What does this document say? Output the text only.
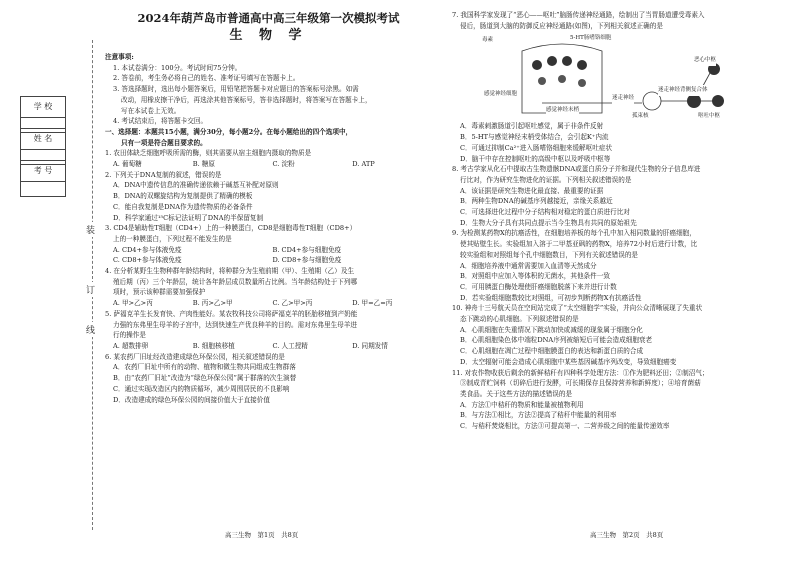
学 校
姓 名
考 号
装
订
线
2024年葫芦岛市普通高中高三年级第一次模拟考试
生 物 学
注意事项:
1. 本试卷满分：100分。考试时间75分钟。
2. 答卷前，考生务必将自己的姓名、准考证号填写在答题卡上。
3. 答选择题时，选出每小题答案后，用铅笔把答题卡对应题目的答案标号涂黑。如需
改动，用橡皮擦干净后，再选涂其他答案标号，答非选择题时，将答案写在答题卡上，
写在本试卷上无效。
4. 考试结束后，将答题卡交回。
一、选择题：本题共15小题，满分30分，每小题2分。在每小题给出的四个选项中，
只有一项是符合题目要求的。
1. 农田体缺乏细胞呼吸所需的酶，则其需要从宿主细胞内摄取的物质是
A. 葡萄糖	B. 糖原	C. 淀粉	D. ATP
2. 下列关于DNA复制的叙述，错误的是
A．DNA中遗传信息的准确传递依赖于碱基互补配对原则
B．DNA的双螺旋结构为复制提供了精确的模板
C．能自我复制是DNA作为遗传物质的必备条件
D．科学家通过¹⁵C标记法证明了DNA的半保留复制
3. CD4是辅助性T细胞（CD4+）上的一种膜蛋白，CD8是细胞毒性T细胞（CD8+）
上的一种膜蛋白，下列过程不能发生的是
A. CD4+参与体液免疫	B. CD4+参与细胞免疫
C. CD8+参与体液免疫	D. CD8+参与细胞免疫
4. 在分析某野生生物种群年龄结构时，将种群分为生殖前期（甲）、生殖期（乙）及生
殖后期（丙）三个年龄层，统计各年龄层成员数量所占比例。当年龄结构处于下列哪
项时，预示该种群需要加强保护
A. 甲>乙>丙	B. 丙>乙>甲	C. 乙>甲>丙	D. 甲=乙=丙
5. 萨福克羊生长发育快、产肉性能好。某农牧科技公司将萨福克羊的胚胎移植到产奶能
力强的东弗里生母羊的子宫中，达到快速生产优良种羊的目的。需对东弗里生母羊进
行的操作是
A. 超数排卵	B. 细胞核移植	C. 人工授精	D. 同期发情
6. 某农药厂旧址经改造建成绿色环保公园，相关叙述错误的是
A．农药厂旧址中所有的动物、植物和微生物共同组成生物群落
B．由“农药厂旧址”改造为“绿色环保公园”属于群落的次生演替
C．通过实现改造区内的物质循环，减少周围居民的不良影响
D．改造建成的绿色环保公园的间接价值大于直接价值
7. 我国科学家发现了“恶心——呕吐”脑肠传递神经通路，绘制出了当胃肠道遭受毒素入
侵后，肠道到大脑的防御反应神经通路(如图)，下列相关叙述正确的是
毒素	5-HT肠嗜铬细胞
感觉神经细胞
迷走神经
孤束核
迷走神经背侧复合体
恶心中枢
呕吐中枢
感觉神经末梢
A．毒素刺激肠道引起呕吐感觉，属于非条件反射
B．5-HT与感觉神经末梢受体结合，会引起K⁺内流
C．可通过抑制Ca²⁺进入肠嗜铬细胞来缓解呕吐症状
D．脑干中存在控制呕吐的高级中枢以及呼吸中枢等
8. 考古学家从化石中提取古生物遗骸DNA或蛋白质分子并和现代生物的分子信息库进
行比对，作为研究生物进化的证据。下列相关叙述错误的是
A．该证据是研究生物进化最直接、最重要的证据
B．两种生物DNA的碱基序列越接近，亲缘关系越近
C．可选择进化过程中分子结构相对稳定的蛋白质进行比对
D．生物大分子具有共同点提示当今生物具有共同的原始祖先
9. 为检测某药物X的抗癌活性，在细胞培养板的每个孔中加入相同数量的肝癌细胞，
使其贴壁生长。实验组加入溶于二甲基亚砜的药物X，培养72小时后进行计数，比
较实验组和对照组每个孔中细胞数目，下列有关叙述错误的是
A．细胞培养液中通常需要加入血清等天然成分
B．对照组中应加入等体积的无菌水，其他条件一致
C．可用胰蛋白酶处理使肝癌细胞脱落下来并进行计数
D．若实验组细胞数较比对照组，可初步判断药物X有抗癌活性
10. 神舟十三号航天员在空间站完成了“太空细胞学”实验，并向公众清晰展现了失重状
态下跳动的心肌细胞。下列叙述错误的是
A．心肌细胞在失重情况下跳动加快或减缓的现象属于细胞分化
B．心肌细胞染色体中端粒DNA序列被缩短后可能会造成细胞衰老
C．心肌细胞在凋亡过程中细胞膜蛋白的表达和新蛋白质的合成
D．太空辐射可能会造成心肌细胞中某些基因碱基序列改变，导致细胞癌变
11. 对农作物收获后剩余的新鲜秸秆有四种科学处理方法：①作为肥料还田；②制沼气；
③制成青贮饲料（切碎后进行发酵，可长期保存且保持营养和新鲜度）；④培育菌菇
类食品。关于这些方法的描述错误的是
A．方法①中秸秆的物质和能量被植物利用
B．与方法①相比，方法②提高了秸秆中能量的利用率
C．与秸秆焚烧相比，方法③可提高第一、二营养级之间的能量传递效率
高三生物　第1页　共8页	高三生物　第2页　共8页
